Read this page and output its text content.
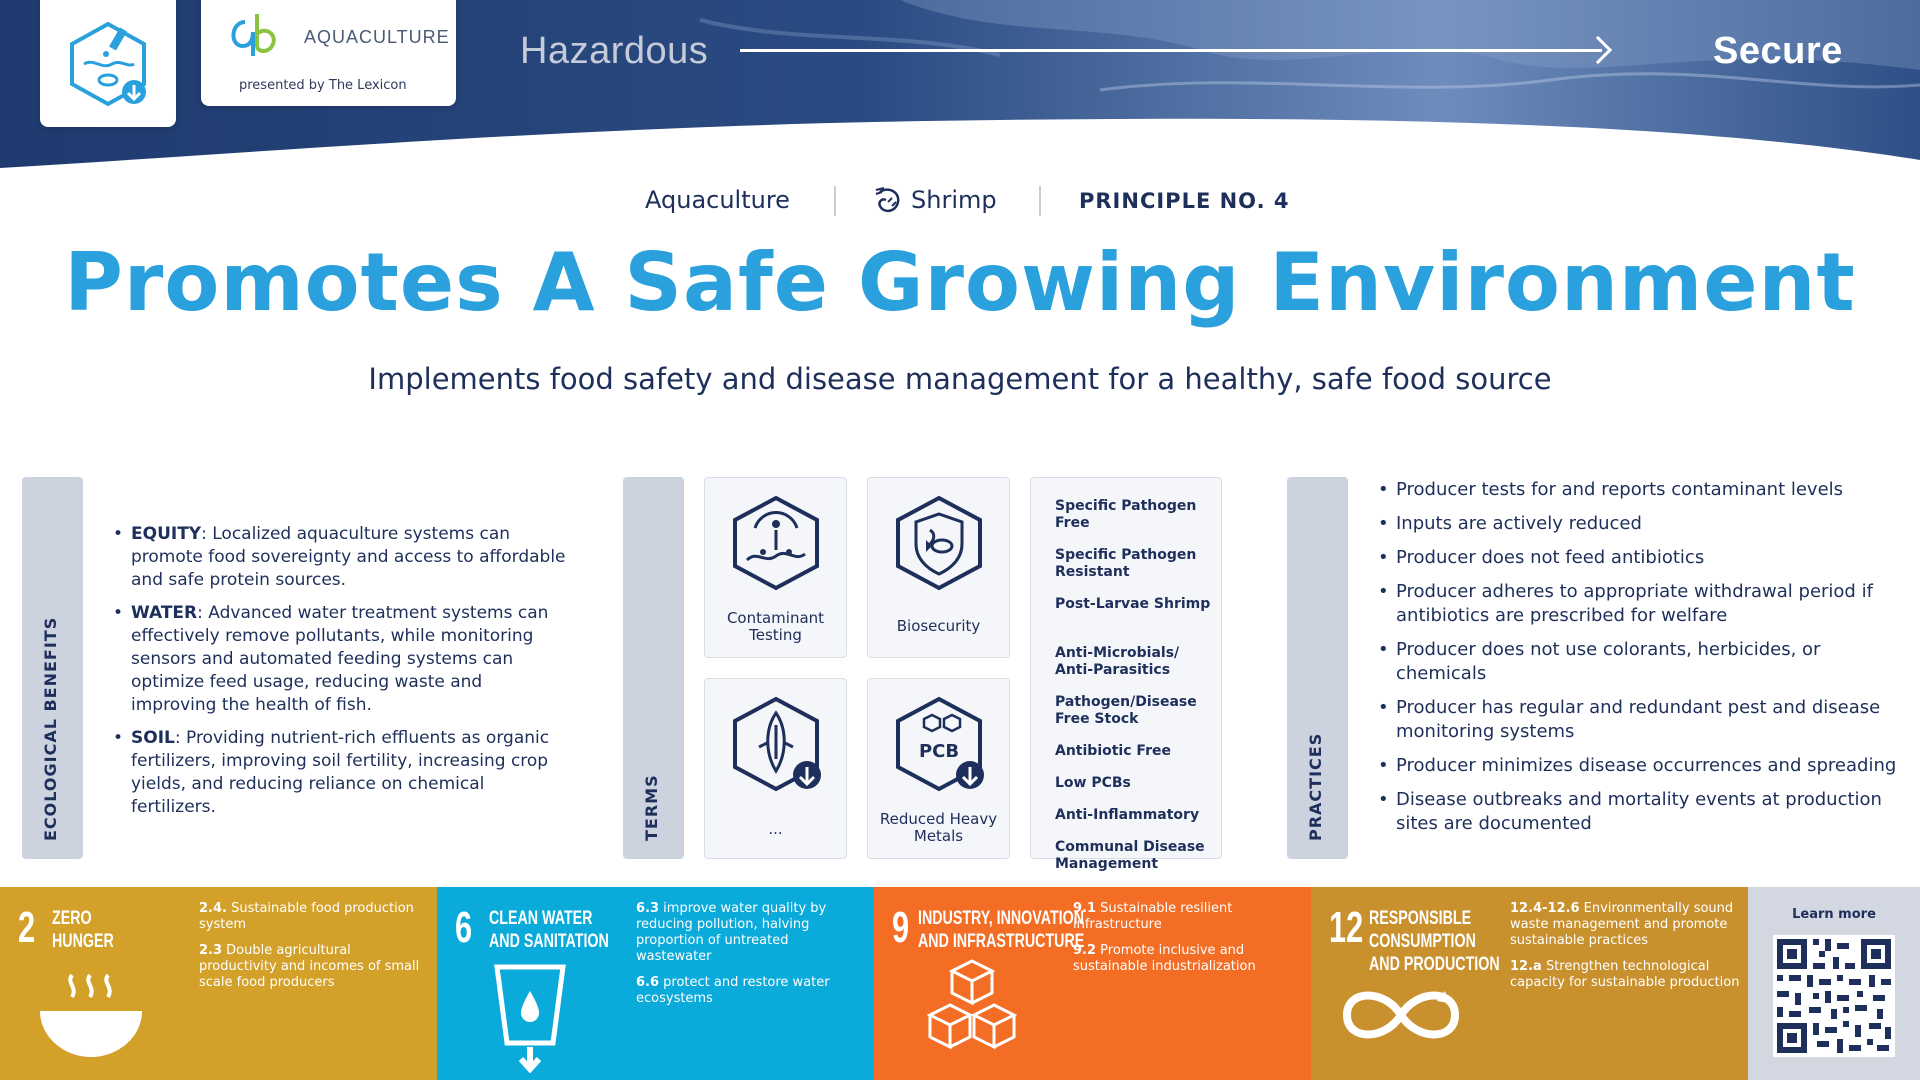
AQUACULTURE
presented by The Lexicon
Hazardous	Secure
Aquaculture	Shrimp	PRINCIPLE NO. 4
Promotes A Safe Growing Environment
Implements food safety and disease management for a healthy, safe food source
ECOLOGICAL BENEFITS
• EQUITY: Localized aquaculture systems can promote food sovereignty and access to affordable and safe protein sources.
• WATER: Advanced water treatment systems can effectively remove pollutants, while monitoring sensors and automated feeding systems can optimize feed usage, reducing waste and improving the health of fish.
• SOIL: Providing nutrient-rich effluents as organic fertilizers, improving soil fertility, increasing crop yields, and reducing reliance on chemical fertilizers.	TERMS
Contaminant Testing	Biosecurity
...
PCB
Reduced Heavy Metals
Specific Pathogen Free
Specific Pathogen Resistant
Post-Larvae Shrimp
Anti-Microbials/ Anti-Parasitics
Pathogen/Disease Free Stock
Antibiotic Free
Low PCBs
Anti-Inflammatory
Communal Disease Management
PRACTICES
• Producer tests for and reports contaminant levels
• Inputs are actively reduced
• Producer does not feed antibiotics
• Producer adheres to appropriate withdrawal period if antibiotics are prescribed for welfare
• Producer does not use colorants, herbicides, or chemicals
• Producer has regular and redundant pest and disease monitoring systems
• Producer minimizes disease occurrences and spreading
• Disease outbreaks and mortality events at production sites are documented
2 ZERO
HUNGER

2.4. Sustainable food production system

2.3 Double agricultural productivity and incomes of small scale food producers

6 CLEAN WATER
AND SANITATION

6.3 improve water quality by reducing pollution, halving proportion of untreated wastewater

6.6 protect and restore water ecosystems

9 INDUSTRY, INNOVATION
AND INFRASTRUCTURE

9.1 Sustainable resilient infrastructure

9.2 Promote inclusive and sustainable industrialization

12 RESPONSIBLE
CONSUMPTION
AND PRODUCTION

12.4-12.6 Environmentally sound waste management and promote sustainable practices

12.a Strengthen technological capacity for sustainable production

Learn more
